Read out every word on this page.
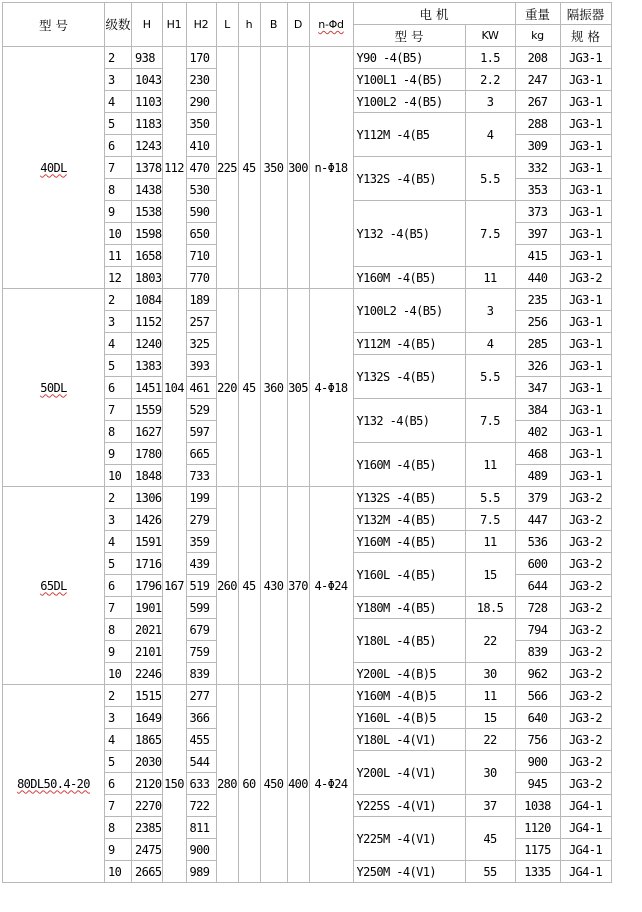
型 号	级数	H	H1	H2	L	h	B	D	n-Φd	电 机		重量	隔振器
										型 号	KW	kg	规 格
40DL	2	938	112	170	225	45	350	300	n-Φ18	Y90 -4(B5)	1.5	208	JG3-1
	3	1043		230						Y100L1 -4(B5)	2.2	247	JG3-1
	4	1103		290						Y100L2 -4(B5)	3	267	JG3-1
	5	1183		350						Y112M -4(B5	4	288	JG3-1
	6	1243		410								309	JG3-1
	7	1378		470						Y132S -4(B5)	5.5	332	JG3-1
	8	1438		530								353	JG3-1
	9	1538		590						Y132 -4(B5)	7.5	373	JG3-1
	10	1598		650								397	JG3-1
	11	1658		710								415	JG3-1
	12	1803		770						Y160M -4(B5)	11	440	JG3-2
50DL	2	1084	104	189	220	45	360	305	4-Φ18	Y100L2 -4(B5)	3	235	JG3-1
	3	1152		257								256	JG3-1
	4	1240		325						Y112M -4(B5)	4	285	JG3-1
	5	1383		393						Y132S -4(B5)	5.5	326	JG3-1
	6	1451		461								347	JG3-1
	7	1559		529						Y132 -4(B5)	7.5	384	JG3-1
	8	1627		597								402	JG3-1
	9	1780		665						Y160M -4(B5)	11	468	JG3-1
	10	1848		733								489	JG3-1
65DL	2	1306	167	199	260	45	430	370	4-Φ24	Y132S -4(B5)	5.5	379	JG3-2
	3	1426		279						Y132M -4(B5)	7.5	447	JG3-2
	4	1591		359						Y160M -4(B5)	11	536	JG3-2
	5	1716		439						Y160L -4(B5)	15	600	JG3-2
	6	1796		519								644	JG3-2
	7	1901		599						Y180M -4(B5)	18.5	728	JG3-2
	8	2021		679						Y180L -4(B5)	22	794	JG3-2
	9	2101		759								839	JG3-2
	10	2246		839						Y200L -4(B)5	30	962	JG3-2
80DL50.4-20	2	1515	150	277	280	60	450	400	4-Φ24	Y160M -4(B)5	11	566	JG3-2
	3	1649		366						Y160L -4(B)5	15	640	JG3-2
	4	1865		455						Y180L -4(V1)	22	756	JG3-2
	5	2030		544						Y200L -4(V1)	30	900	JG3-2
	6	2120		633								945	JG3-2
	7	2270		722						Y225S -4(V1)	37	1038	JG4-1
	8	2385		811						Y225M -4(V1)	45	1120	JG4-1
	9	2475		900								1175	JG4-1
	10	2665		989						Y250M -4(V1)	55	1335	JG4-1
